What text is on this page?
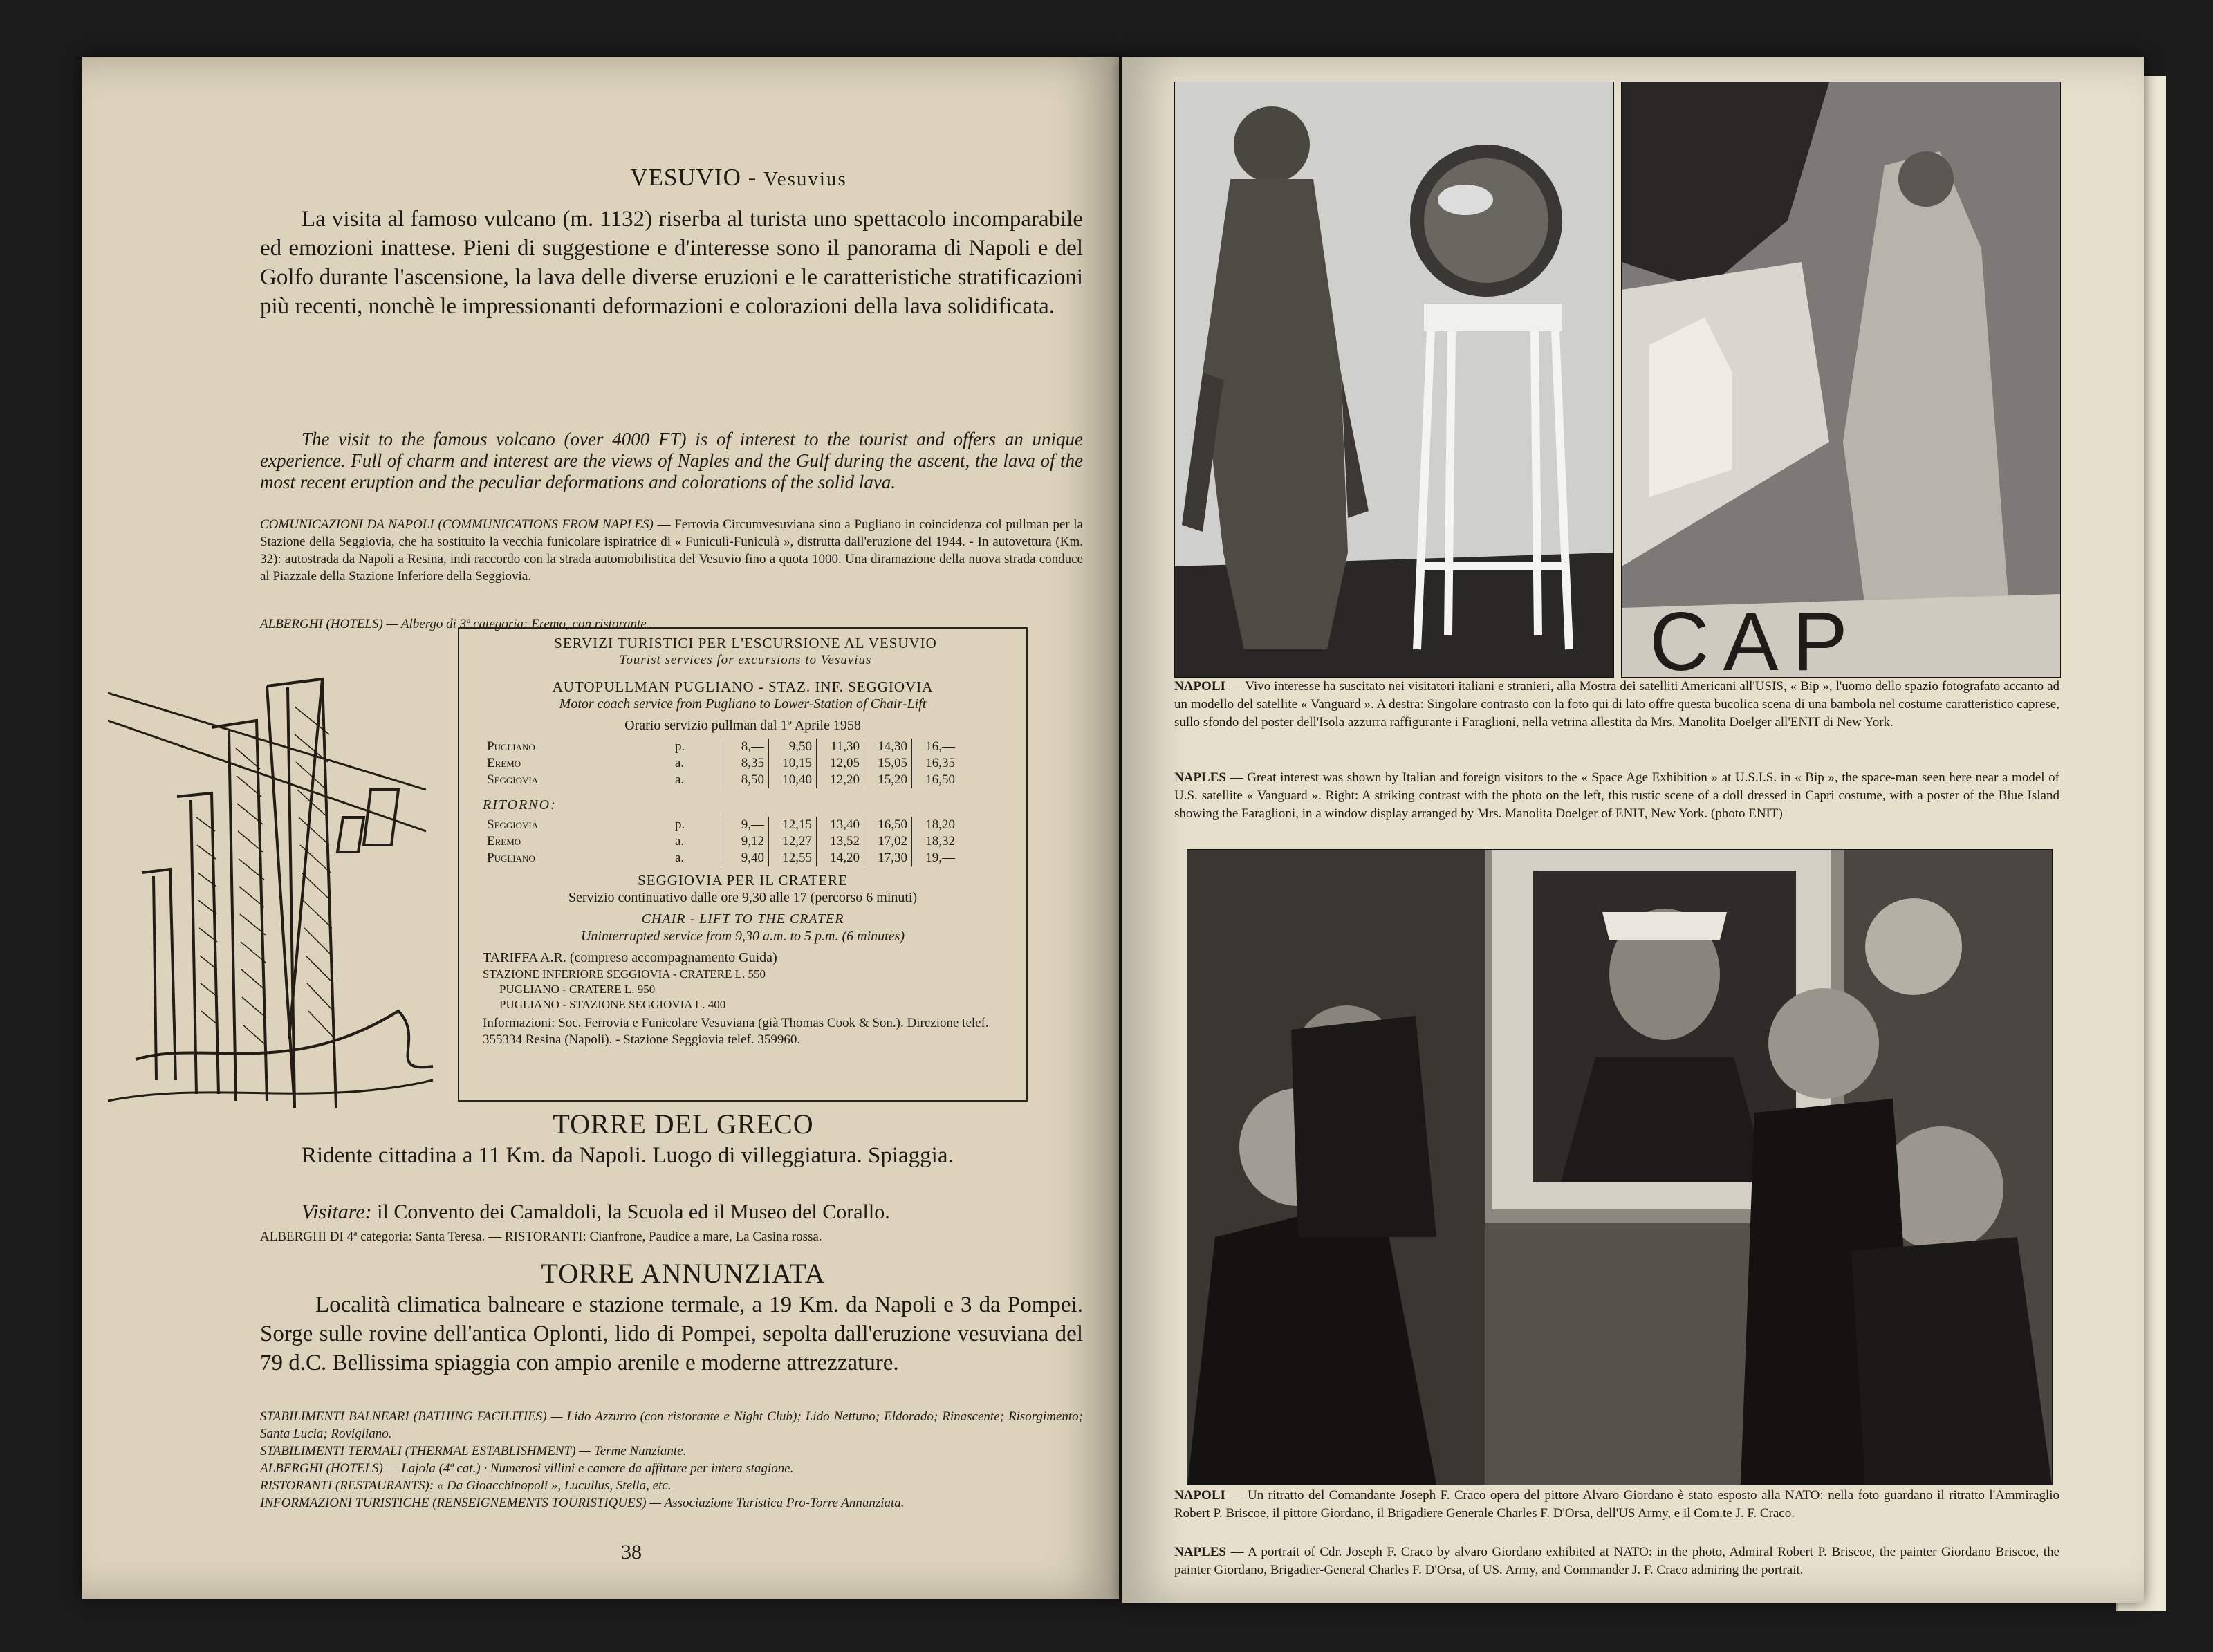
VESUVIO - Vesuvius
La visita al famoso vulcano (m. 1132) riserba al turista uno spettacolo incomparabile ed emozioni inattese. Pieni di suggestione e d'interesse sono il panorama di Napoli e del Golfo durante l'ascensione, la lava delle diverse eruzioni e le caratteristiche stratificazioni più recenti, nonchè le impressionanti deformazioni e colorazioni della lava solidificata.
The visit to the famous volcano (over 4000 FT) is of interest to the tourist and offers an unique experience. Full of charm and interest are the views of Naples and the Gulf during the ascent, the lava of the most recent eruption and the peculiar deformations and colorations of the solid lava.
COMUNICAZIONI DA NAPOLI (COMMUNICATIONS FROM NAPLES) — Ferrovia Circumvesuviana sino a Pugliano in coincidenza col pullman per la Stazione della Seggiovia, che ha sostituito la vecchia funicolare ispiratrice di « Funiculì-Funiculà », distrutta dall'eruzione del 1944. - In autovettura (Km. 32): autostrada da Napoli a Resina, indi raccordo con la strada automobilistica del Vesuvio fino a quota 1000. Una diramazione della nuova strada conduce al Piazzale della Stazione Inferiore della Seggiovia.
ALBERGHI (HOTELS) — Albergo di 3ª categoria: Eremo, con ristorante.
SERVIZI TURISTICI PER L'ESCURSIONE AL VESUVIO
Tourist services for excursions to Vesuvius
AUTOPULLMAN PUGLIANO - STAZ. INF. SEGGIOVIA
Motor coach service from Pugliano to Lower-Station of Chair-Lift
Orario servizio pullman dal 1º Aprile 1958
Pugliano	p.	8,—	9,50	11,30	14,30	16,—
Eremo	a.	8,35	10,15	12,05	15,05	16,35
Seggiovia	a.	8,50	10,40	12,20	15,20	16,50
RITORNO:
Seggiovia	p.	9,—	12,15	13,40	16,50	18,20
Eremo	a.	9,12	12,27	13,52	17,02	18,32
Pugliano	a.	9,40	12,55	14,20	17,30	19,—
SEGGIOVIA PER IL CRATERE
Servizio continuativo dalle ore 9,30 alle 17 (percorso 6 minuti)
CHAIR - LIFT TO THE CRATER
Uninterrupted service from 9,30 a.m. to 5 p.m. (6 minutes)
TARIFFA A.R. (compreso accompagnamento Guida)
STAZIONE INFERIORE SEGGIOVIA - CRATERE L. 550
PUGLIANO - CRATERE L. 950
PUGLIANO - STAZIONE SEGGIOVIA L. 400
Informazioni: Soc. Ferrovia e Funicolare Vesuviana (già Thomas Cook & Son.). Direzione telef. 355334 Resina (Napoli). - Stazione Seggiovia telef. 359960.
TORRE DEL GRECO
Ridente cittadina a 11 Km. da Napoli. Luogo di villeggiatura. Spiaggia.
Visitare: il Convento dei Camaldoli, la Scuola ed il Museo del Corallo.
ALBERGHI DI 4ª categoria: Santa Teresa. — RISTORANTI: Cianfrone, Paudice a mare, La Casina rossa.
TORRE ANNUNZIATA
Località climatica balneare e stazione termale, a 19 Km. da Napoli e 3 da Pompei. Sorge sulle rovine dell'antica Oplonti, lido di Pompei, sepolta dall'eruzione vesuviana del 79 d.C. Bellissima spiaggia con ampio arenile e moderne attrezzature.
STABILIMENTI BALNEARI (BATHING FACILITIES) — Lido Azzurro (con ristorante e Night Club); Lido Nettuno; Eldorado; Rinascente; Risorgimento; Santa Lucia; Rovigliano.
STABILIMENTI TERMALI (THERMAL ESTABLISHMENT) — Terme Nunziante.
ALBERGHI (HOTELS) — Lajola (4ª cat.) · Numerosi villini e camere da affittare per intera stagione.
RISTORANTI (RESTAURANTS): « Da Gioacchinopoli », Lucullus, Stella, etc.
INFORMAZIONI TURISTICHE (RENSEIGNEMENTS TOURISTIQUES) — Associazione Turistica Pro-Torre Annunziata.
38
CAP
NAPOLI — Vivo interesse ha suscitato nei visitatori italiani e stranieri, alla Mostra dei satelliti Americani all'USIS, « Bip », l'uomo dello spazio fotografato accanto ad un modello del satellite « Vanguard ». A destra: Singolare contrasto con la foto qui di lato offre questa bucolica scena di una bambola nel costume caratteristico caprese, sullo sfondo del poster dell'Isola azzurra raffigurante i Faraglioni, nella vetrina allestita da Mrs. Manolita Doelger all'ENIT di New York.
NAPLES — Great interest was shown by Italian and foreign visitors to the « Space Age Exhibition » at U.S.I.S. in « Bip », the space-man seen here near a model of U.S. satellite « Vanguard ». Right: A striking contrast with the photo on the left, this rustic scene of a doll dressed in Capri costume, with a poster of the Blue Island showing the Faraglioni, in a window display arranged by Mrs. Manolita Doelger of ENIT, New York. (photo ENIT)
NAPOLI — Un ritratto del Comandante Joseph F. Craco opera del pittore Alvaro Giordano è stato esposto alla NATO: nella foto guardano il ritratto l'Ammiraglio Robert P. Briscoe, il pittore Giordano, il Brigadiere Generale Charles F. D'Orsa, dell'US Army, e il Com.te J. F. Craco.
NAPLES — A portrait of Cdr. Joseph F. Craco by alvaro Giordano exhibited at NATO: in the photo, Admiral Robert P. Briscoe, the painter Giordano Briscoe, the painter Giordano, Brigadier-General Charles F. D'Orsa, of US. Army, and Commander J. F. Craco admiring the portrait.
